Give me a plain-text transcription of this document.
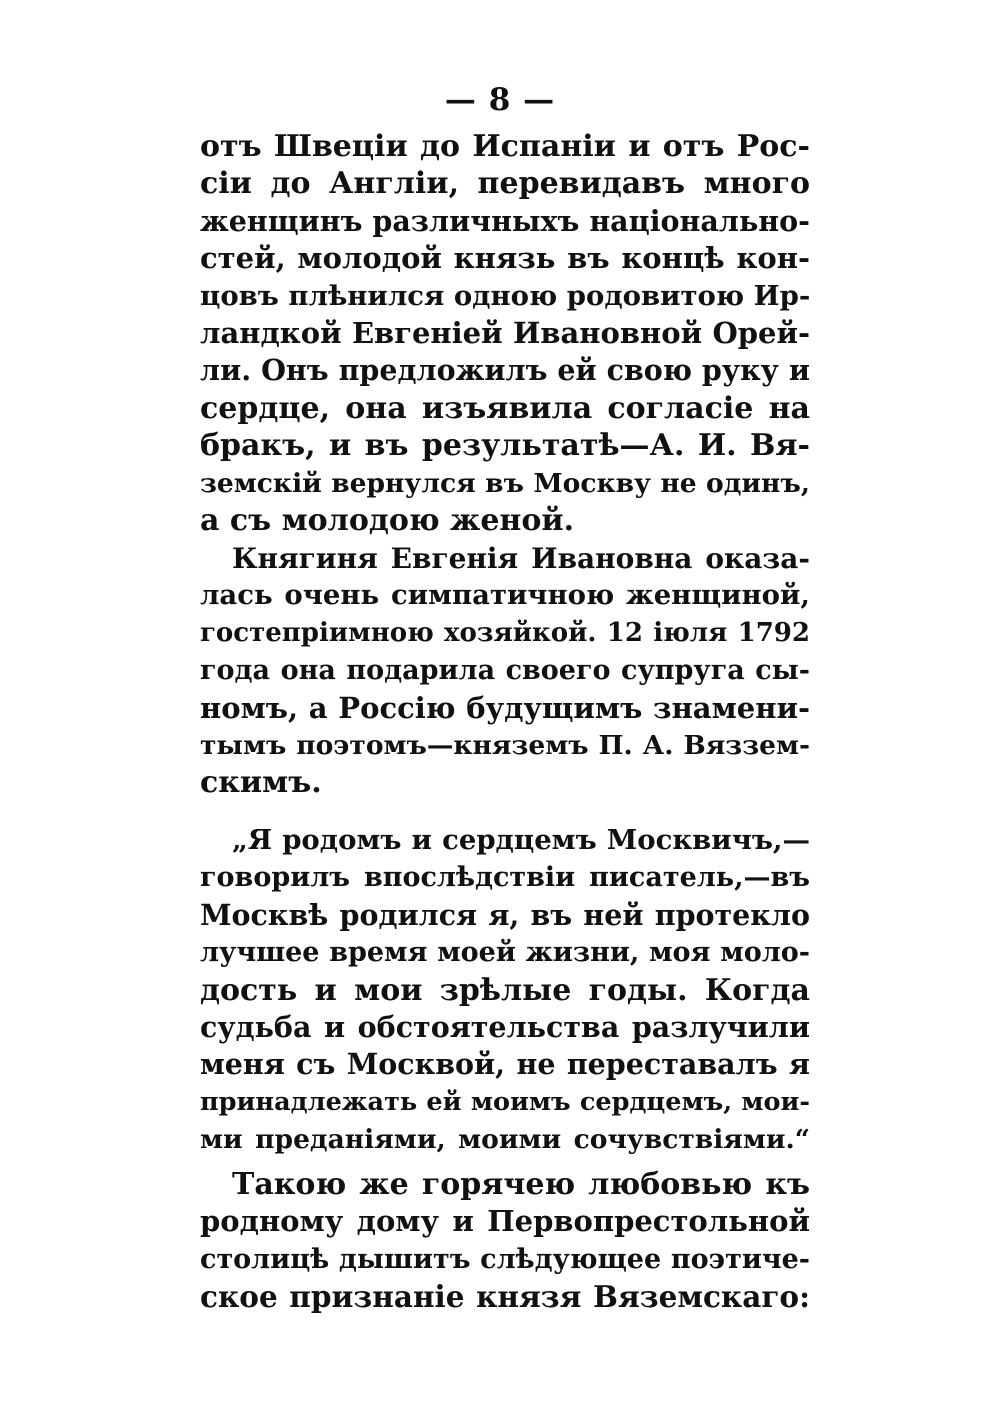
— 8 —
отъ Швеціи до Испаніи и отъ Рос-
сіи до Англіи, перевидавъ много
женщинъ различныхъ національно-
стей, молодой князь въ концѣ кон-
цовъ плѣнился одною родовитою Ир-
ландкой Евгеніей Ивановной Орей-
ли. Онъ предложилъ ей свою руку и
сердце, она изъявила согласіе на
бракъ, и въ результатѣ—А. И. Вя-
земскій вернулся въ Москву не одинъ,
а съ молодою женой.
Княгиня Евгенія Ивановна оказа-
лась очень симпатичною женщиной,
гостепріимною хозяйкой. 12 іюля 1792
года она подарила своего супруга сы-
номъ, а Россію будущимъ знамени-
тымъ поэтомъ—княземъ П. А. Вяззем-
скимъ.
„Я родомъ и сердцемъ Москвичъ,—
говорилъ впослѣдствіи писатель,—въ
Москвѣ родился я, въ ней протекло
лучшее время моей жизни, моя моло-
дость и мои зрѣлые годы. Когда
судьба и обстоятельства разлучили
меня съ Москвой, не переставалъ я
принадлежать ей моимъ сердцемъ, мои-
ми преданіями, моими сочувствіями.“
Такою же горячею любовью къ
родному дому и Первопрестольной
столицѣ дышитъ слѣдующее поэтиче-
ское признаніе князя Вяземскаго:
